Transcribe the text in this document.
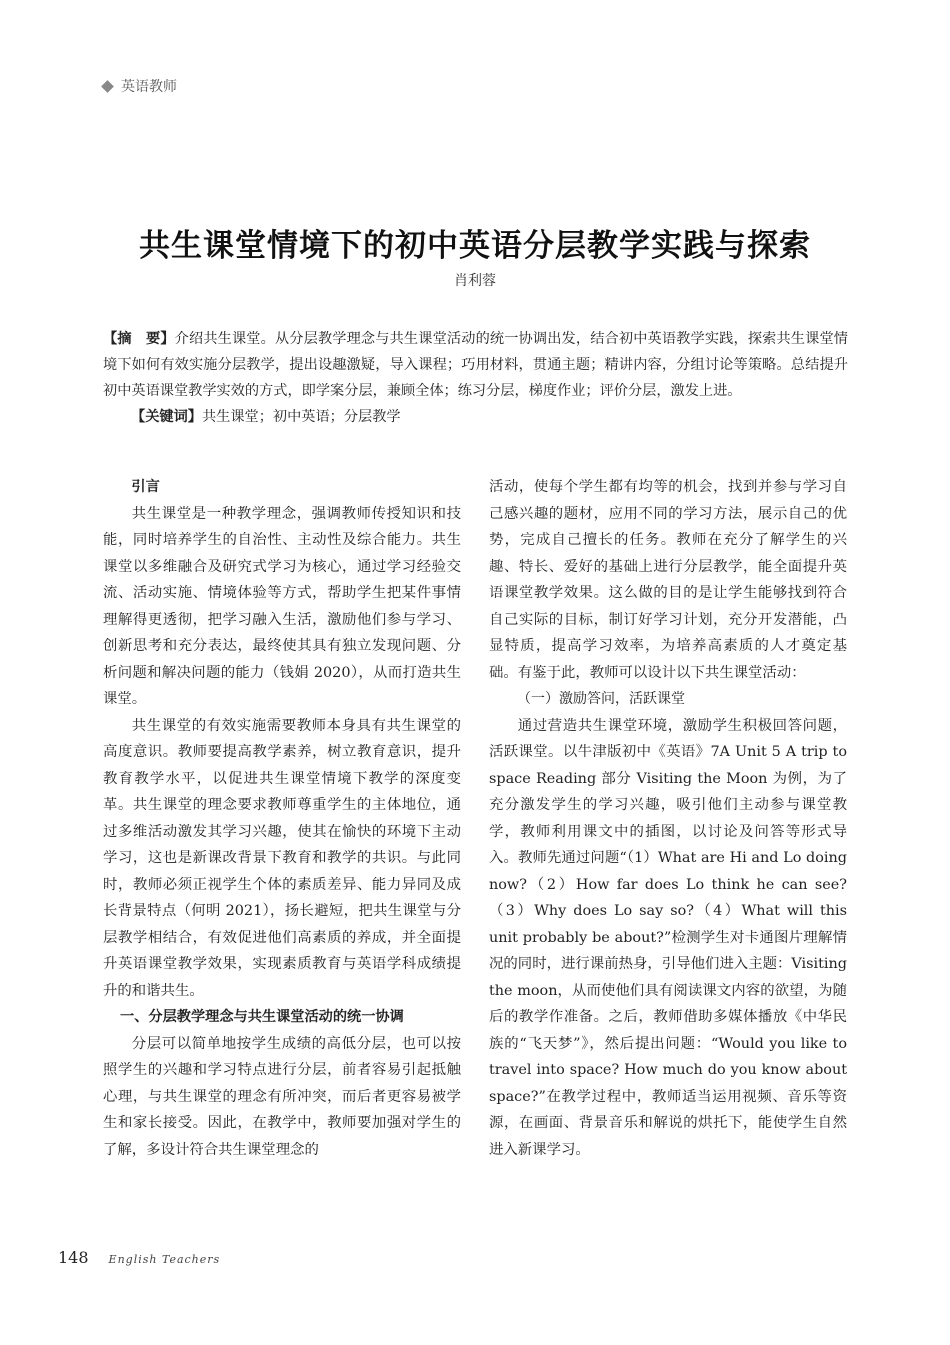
英语教师
共生课堂情境下的初中英语分层教学实践与探索
肖利蓉
【摘　要】介绍共生课堂。从分层教学理念与共生课堂活动的统一协调出发，结合初中英语教学实践，探索共生课堂情境下如何有效实施分层教学，提出设趣激疑，导入课程；巧用材料，贯通主题；精讲内容，分组讨论等策略。总结提升初中英语课堂教学实效的方式，即学案分层，兼顾全体；练习分层，梯度作业；评价分层，激发上进。
【关键词】共生课堂；初中英语；分层教学
引言

共生课堂是一种教学理念，强调教师传授知识和技能，同时培养学生的自治性、主动性及综合能力。共生课堂以多维融合及研究式学习为核心，通过学习经验交流、活动实施、情境体验等方式，帮助学生把某件事情理解得更透彻，把学习融入生活，激励他们参与学习、创新思考和充分表达，最终使其具有独立发现问题、分析问题和解决问题的能力（钱娟 2020），从而打造共生课堂。

共生课堂的有效实施需要教师本身具有共生课堂的高度意识。教师要提高教学素养，树立教育意识，提升教育教学水平，以促进共生课堂情境下教学的深度变革。共生课堂的理念要求教师尊重学生的主体地位，通过多维活动激发其学习兴趣，使其在愉快的环境下主动学习，这也是新课改背景下教育和教学的共识。与此同时，教师必须正视学生个体的素质差异、能力异同及成长背景特点（何明 2021），扬长避短，把共生课堂与分层教学相结合，有效促进他们高素质的养成，并全面提升英语课堂教学效果，实现素质教育与英语学科成绩提升的和谐共生。

一、分层教学理念与共生课堂活动的统一协调

分层可以简单地按学生成绩的高低分层，也可以按照学生的兴趣和学习特点进行分层，前者容易引起抵触心理，与共生课堂的理念有所冲突，而后者更容易被学生和家长接受。因此，在教学中，教师要加强对学生的了解，多设计符合共生课堂理念的

活动，使每个学生都有均等的机会，找到并参与学习自己感兴趣的题材，应用不同的学习方法，展示自己的优势，完成自己擅长的任务。教师在充分了解学生的兴趣、特长、爱好的基础上进行分层教学，能全面提升英语课堂教学效果。这么做的目的是让学生能够找到符合自己实际的目标，制订好学习计划，充分开发潜能，凸显特质，提高学习效率，为培养高素质的人才奠定基础。有鉴于此，教师可以设计以下共生课堂活动：

（一）激励答问，活跃课堂

通过营造共生课堂环境，激励学生积极回答问题，活跃课堂。以牛津版初中《英语》7A Unit 5 A trip to space Reading 部分 Visiting the Moon 为例，为了充分激发学生的学习兴趣，吸引他们主动参与课堂教学，教师利用课文中的插图，以讨论及问答等形式导入。教师先通过问题“（1）What are Hi and Lo doing now?（2）How far does Lo think he can see?（3）Why does Lo say so?（4）What will this unit probably be about?”检测学生对卡通图片理解情况的同时，进行课前热身，引导他们进入主题：Visiting the moon，从而使他们具有阅读课文内容的欲望，为随后的教学作准备。之后，教师借助多媒体播放《中华民族的“飞天梦”》，然后提出问题：“Would you like to travel into space? How much do you know about space?”在教学过程中，教师适当运用视频、音乐等资源，在画面、背景音乐和解说的烘托下，能使学生自然进入新课学习。

148 English Teachers
